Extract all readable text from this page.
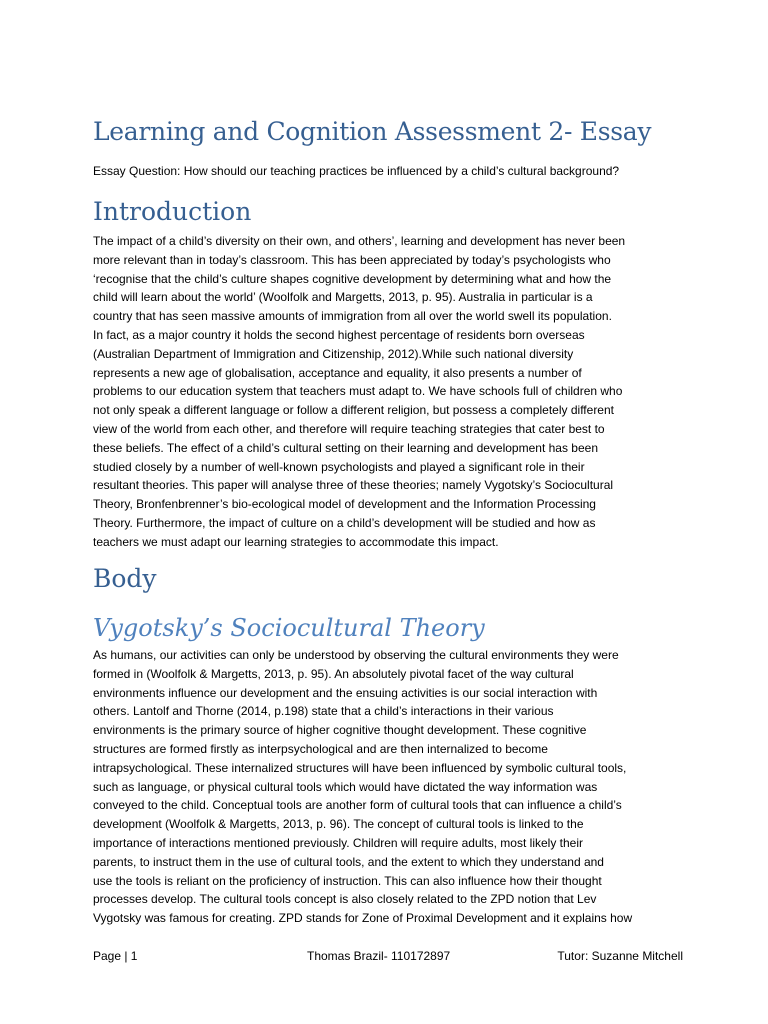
Learning and Cognition Assessment 2- Essay

Essay Question: How should our teaching practices be influenced by a child’s cultural background?

Introduction
The impact of a child’s diversity on their own, and others’, learning and development has never been
more relevant than in today’s classroom. This has been appreciated by today’s psychologists who
‘recognise that the child’s culture shapes cognitive development by determining what and how the
child will learn about the world’ (Woolfolk and Margetts, 2013, p. 95). Australia in particular is a
country that has seen massive amounts of immigration from all over the world swell its population.
In fact, as a major country it holds the second highest percentage of residents born overseas
(Australian Department of Immigration and Citizenship, 2012).While such national diversity
represents a new age of globalisation, acceptance and equality, it also presents a number of
problems to our education system that teachers must adapt to. We have schools full of children who
not only speak a different language or follow a different religion, but possess a completely different
view of the world from each other, and therefore will require teaching strategies that cater best to
these beliefs. The effect of a child’s cultural setting on their learning and development has been
studied closely by a number of well-known psychologists and played a significant role in their
resultant theories. This paper will analyse three of these theories; namely Vygotsky’s Sociocultural
Theory, Bronfenbrenner’s bio-ecological model of development and the Information Processing
Theory. Furthermore, the impact of culture on a child’s development will be studied and how as
teachers we must adapt our learning strategies to accommodate this impact.
Body
Vygotsky’s Sociocultural Theory
As humans, our activities can only be understood by observing the cultural environments they were
formed in (Woolfolk & Margetts, 2013, p. 95). An absolutely pivotal facet of the way cultural
environments influence our development and the ensuing activities is our social interaction with
others. Lantolf and Thorne (2014, p.198) state that a child’s interactions in their various
environments is the primary source of higher cognitive thought development. These cognitive
structures are formed firstly as interpsychological and are then internalized to become
intrapsychological. These internalized structures will have been influenced by symbolic cultural tools,
such as language, or physical cultural tools which would have dictated the way information was
conveyed to the child. Conceptual tools are another form of cultural tools that can influence a child’s
development (Woolfolk & Margetts, 2013, p. 96). The concept of cultural tools is linked to the
importance of interactions mentioned previously. Children will require adults, most likely their
parents, to instruct them in the use of cultural tools, and the extent to which they understand and
use the tools is reliant on the proficiency of instruction. This can also influence how their thought
processes develop. The cultural tools concept is also closely related to the ZPD notion that Lev
Vygotsky was famous for creating. ZPD stands for Zone of Proximal Development and it explains how
Page | 1	Thomas Brazil- 110172897	Tutor: Suzanne Mitchell
